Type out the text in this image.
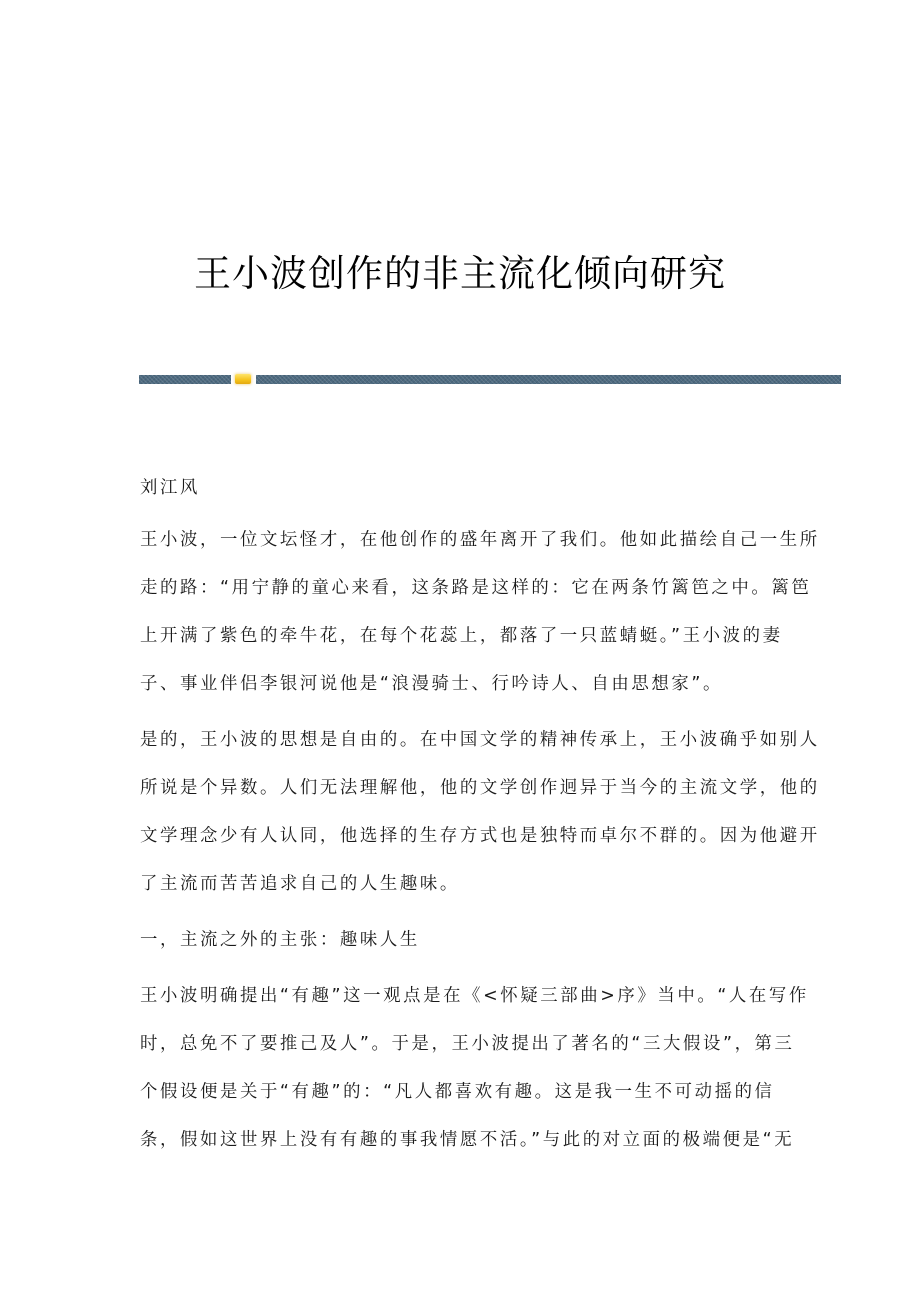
王小波创作的非主流化倾向研究
刘江风
王小波，一位文坛怪才，在他创作的盛年离开了我们。他如此描绘自己一生所
走的路：“用宁静的童心来看，这条路是这样的：它在两条竹篱笆之中。篱笆
上开满了紫色的牵牛花，在每个花蕊上，都落了一只蓝蜻蜓。”王小波的妻
子、事业伴侣李银河说他是“浪漫骑士、行吟诗人、自由思想家”。
是的，王小波的思想是自由的。在中国文学的精神传承上，王小波确乎如别人
所说是个异数。人们无法理解他，他的文学创作迥异于当今的主流文学，他的
文学理念少有人认同，他选择的生存方式也是独特而卓尔不群的。因为他避开
了主流而苦苦追求自己的人生趣味。
一，主流之外的主张：趣味人生
王小波明确提出“有趣”这一观点是在《<怀疑三部曲>序》当中。“人在写作
时，总免不了要推己及人”。于是，王小波提出了著名的“三大假设”，第三
个假设便是关于“有趣”的：“凡人都喜欢有趣。这是我一生不可动摇的信
条，假如这世界上没有有趣的事我情愿不活。”与此的对立面的极端便是“无
